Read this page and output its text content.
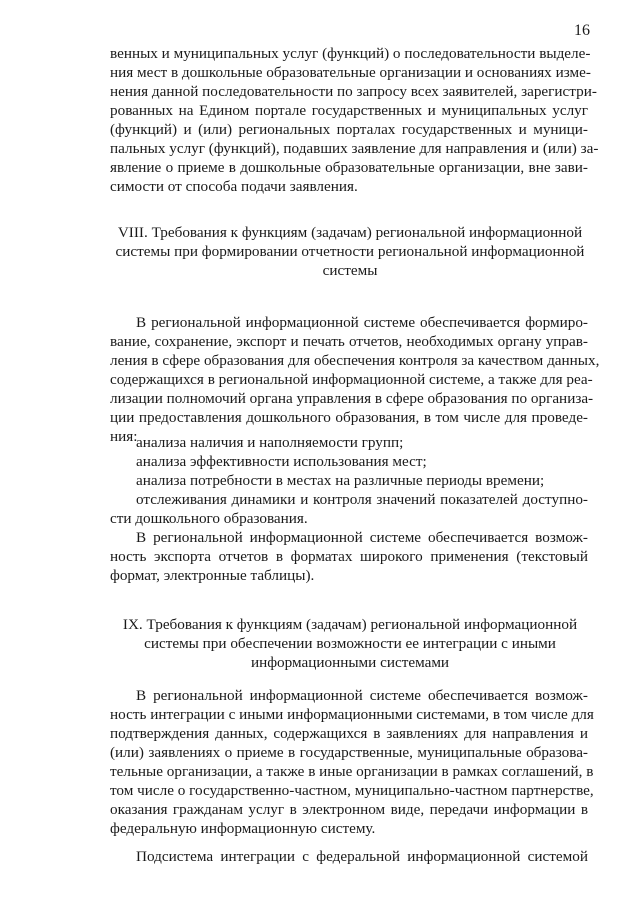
16
венных и муниципальных услуг (функций) о последовательности выделе-
ния мест в дошкольные образовательные организации и основаниях изме-
нения данной последовательности по запросу всех заявителей, зарегистри-
рованных на Едином портале государственных и муниципальных услуг
(функций) и (или) региональных порталах государственных и муници-
пальных услуг (функций), подавших заявление для направления и (или) за-
явление о приеме в дошкольные образовательные организации, вне зави-
симости от способа подачи заявления.
VIII. Требования к функциям (задачам) региональной информационной
системы при формировании отчетности региональной информационной
системы
В региональной информационной системе обеспечивается формиро-
вание, сохранение, экспорт и печать отчетов, необходимых органу управ-
ления в сфере образования для обеспечения контроля за качеством данных,
содержащихся в региональной информационной системе, а также для реа-
лизации полномочий органа управления в сфере образования по организа-
ции предоставления дошкольного образования, в том числе для проведе-
ния:
анализа наличия и наполняемости групп;
анализа эффективности использования мест;
анализа потребности в местах на различные периоды времени;
отслеживания динамики и контроля значений показателей доступно-
сти дошкольного образования.
В региональной информационной системе обеспечивается возмож-
ность экспорта отчетов в форматах широкого применения (текстовый
формат, электронные таблицы).
IX. Требования к функциям (задачам) региональной информационной
системы при обеспечении возможности ее интеграции с иными
информационными системами
В региональной информационной системе обеспечивается возмож-
ность интеграции с иными информационными системами, в том числе для
подтверждения данных, содержащихся в заявлениях для направления и
(или) заявлениях о приеме в государственные, муниципальные образова-
тельные организации, а также в иные организации в рамках соглашений, в
том числе о государственно-частном, муниципально-частном партнерстве,
оказания гражданам услуг в электронном виде, передачи информации в
федеральную информационную систему.
Подсистема интеграции с федеральной информационной системой
